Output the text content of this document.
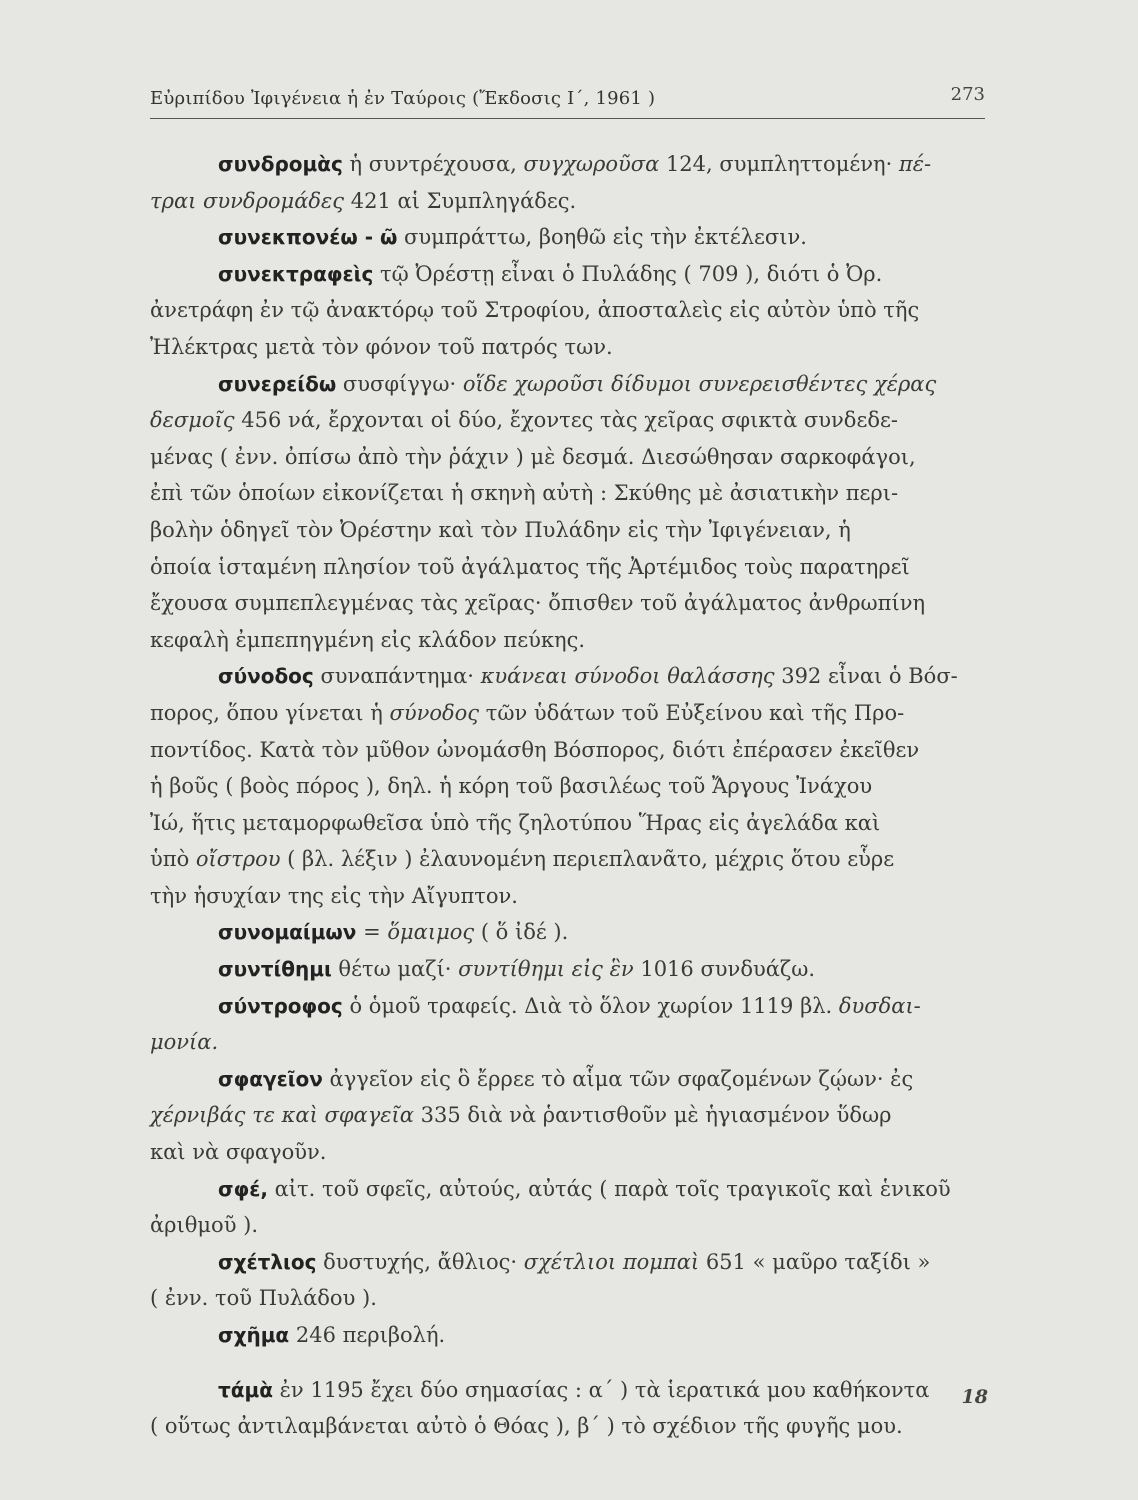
Εὐριπίδου Ἰφιγένεια ἡ ἐν Ταύροις (Ἔκδοσις Ι΄, 1961 )	273
συνδρομὰς ἡ συντρέχουσα, συγχωροῦσα 124, συμπληττομένη· πέ-
τραι συνδρομάδες 421 αἱ Συμπληγάδες.
συνεκπονέω - ῶ συμπράττω, βοηθῶ εἰς τὴν ἐκτέλεσιν.
συνεκτραφεὶς τῷ Ὀρέστῃ εἶναι ὁ Πυλάδης ( 709 ), διότι ὁ Ὀρ.
ἀνετράφη ἐν τῷ ἀνακτόρῳ τοῦ Στροφίου, ἀποσταλεὶς εἰς αὐτὸν ὑπὸ τῆς
Ἠλέκτρας μετὰ τὸν φόνον τοῦ πατρός των.
συνερείδω συσφίγγω· οἵδε χωροῦσι δίδυμοι συνερεισθέντες χέρας
δεσμοῖς 456 νά, ἔρχονται οἱ δύο, ἔχοντες τὰς χεῖρας σφικτὰ συνδεδε-
μένας ( ἐνν. ὀπίσω ἀπὸ τὴν ῥάχιν ) μὲ δεσμά. Διεσώθησαν σαρκοφάγοι,
ἐπὶ τῶν ὁποίων εἰκονίζεται ἡ σκηνὴ αὐτὴ : Σκύθης μὲ ἀσιατικὴν περι-
βολὴν ὁδηγεῖ τὸν Ὀρέστην καὶ τὸν Πυλάδην εἰς τὴν Ἰφιγένειαν, ἡ
ὁποία ἱσταμένη πλησίον τοῦ ἀγάλματος τῆς Ἀρτέμιδος τοὺς παρατηρεῖ
ἔχουσα συμπεπλεγμένας τὰς χεῖρας· ὄπισθεν τοῦ ἀγάλματος ἀνθρωπίνη
κεφαλὴ ἐμπεπηγμένη εἰς κλάδον πεύκης.
σύνοδος συναπάντημα· κυάνεαι σύνοδοι θαλάσσης 392 εἶναι ὁ Βόσ-
πορος, ὅπου γίνεται ἡ σύνοδος τῶν ὑδάτων τοῦ Εὐξείνου καὶ τῆς Προ-
ποντίδος. Κατὰ τὸν μῦθον ὠνομάσθη Βόσπορος, διότι ἐπέρασεν ἐκεῖθεν
ἡ βοῦς ( βοὸς πόρος ), δηλ. ἡ κόρη τοῦ βασιλέως τοῦ Ἄργους Ἰνάχου
Ἰώ, ἥτις μεταμορφωθεῖσα ὑπὸ τῆς ζηλοτύπου Ἥρας εἰς ἀγελάδα καὶ
ὑπὸ οἴστρου ( βλ. λέξιν ) ἐλαυνομένη περιεπλανᾶτο, μέχρις ὅτου εὗρε
τὴν ἡσυχίαν της εἰς τὴν Αἴγυπτον.
συνομαίμων = ὅμαιμος ( ὅ ἰδέ ).
συντίθημι θέτω μαζί· συντίθημι εἰς ἓν 1016 συνδυάζω.
σύντροφος ὁ ὁμοῦ τραφείς. Διὰ τὸ ὅλον χωρίον 1119 βλ. δυσδαι-
μονία.
σφαγεῖον ἀγγεῖον εἰς ὃ ἔρρεε τὸ αἷμα τῶν σφαζομένων ζῴων· ἐς
χέρνιβάς τε καὶ σφαγεῖα 335 διὰ νὰ ῥαντισθοῦν μὲ ἡγιασμένον ὕδωρ
καὶ νὰ σφαγοῦν.
σφέ, αἰτ. τοῦ σφεῖς, αὐτούς, αὐτάς ( παρὰ τοῖς τραγικοῖς καὶ ἑνικοῦ
ἀριθμοῦ ).
σχέτλιος δυστυχής, ἄθλιος· σχέτλιοι πομπαὶ 651 « μαῦρο ταξίδι »
( ἐνν. τοῦ Πυλάδου ).
σχῆμα 246 περιβολή.
τάμὰ ἐν 1195 ἔχει δύο σημασίας : α΄ ) τὰ ἱερατικά μου καθήκοντα
( οὕτως ἀντιλαμβάνεται αὐτὸ ὁ Θόας ), β΄ ) τὸ σχέδιον τῆς φυγῆς μου.
18
